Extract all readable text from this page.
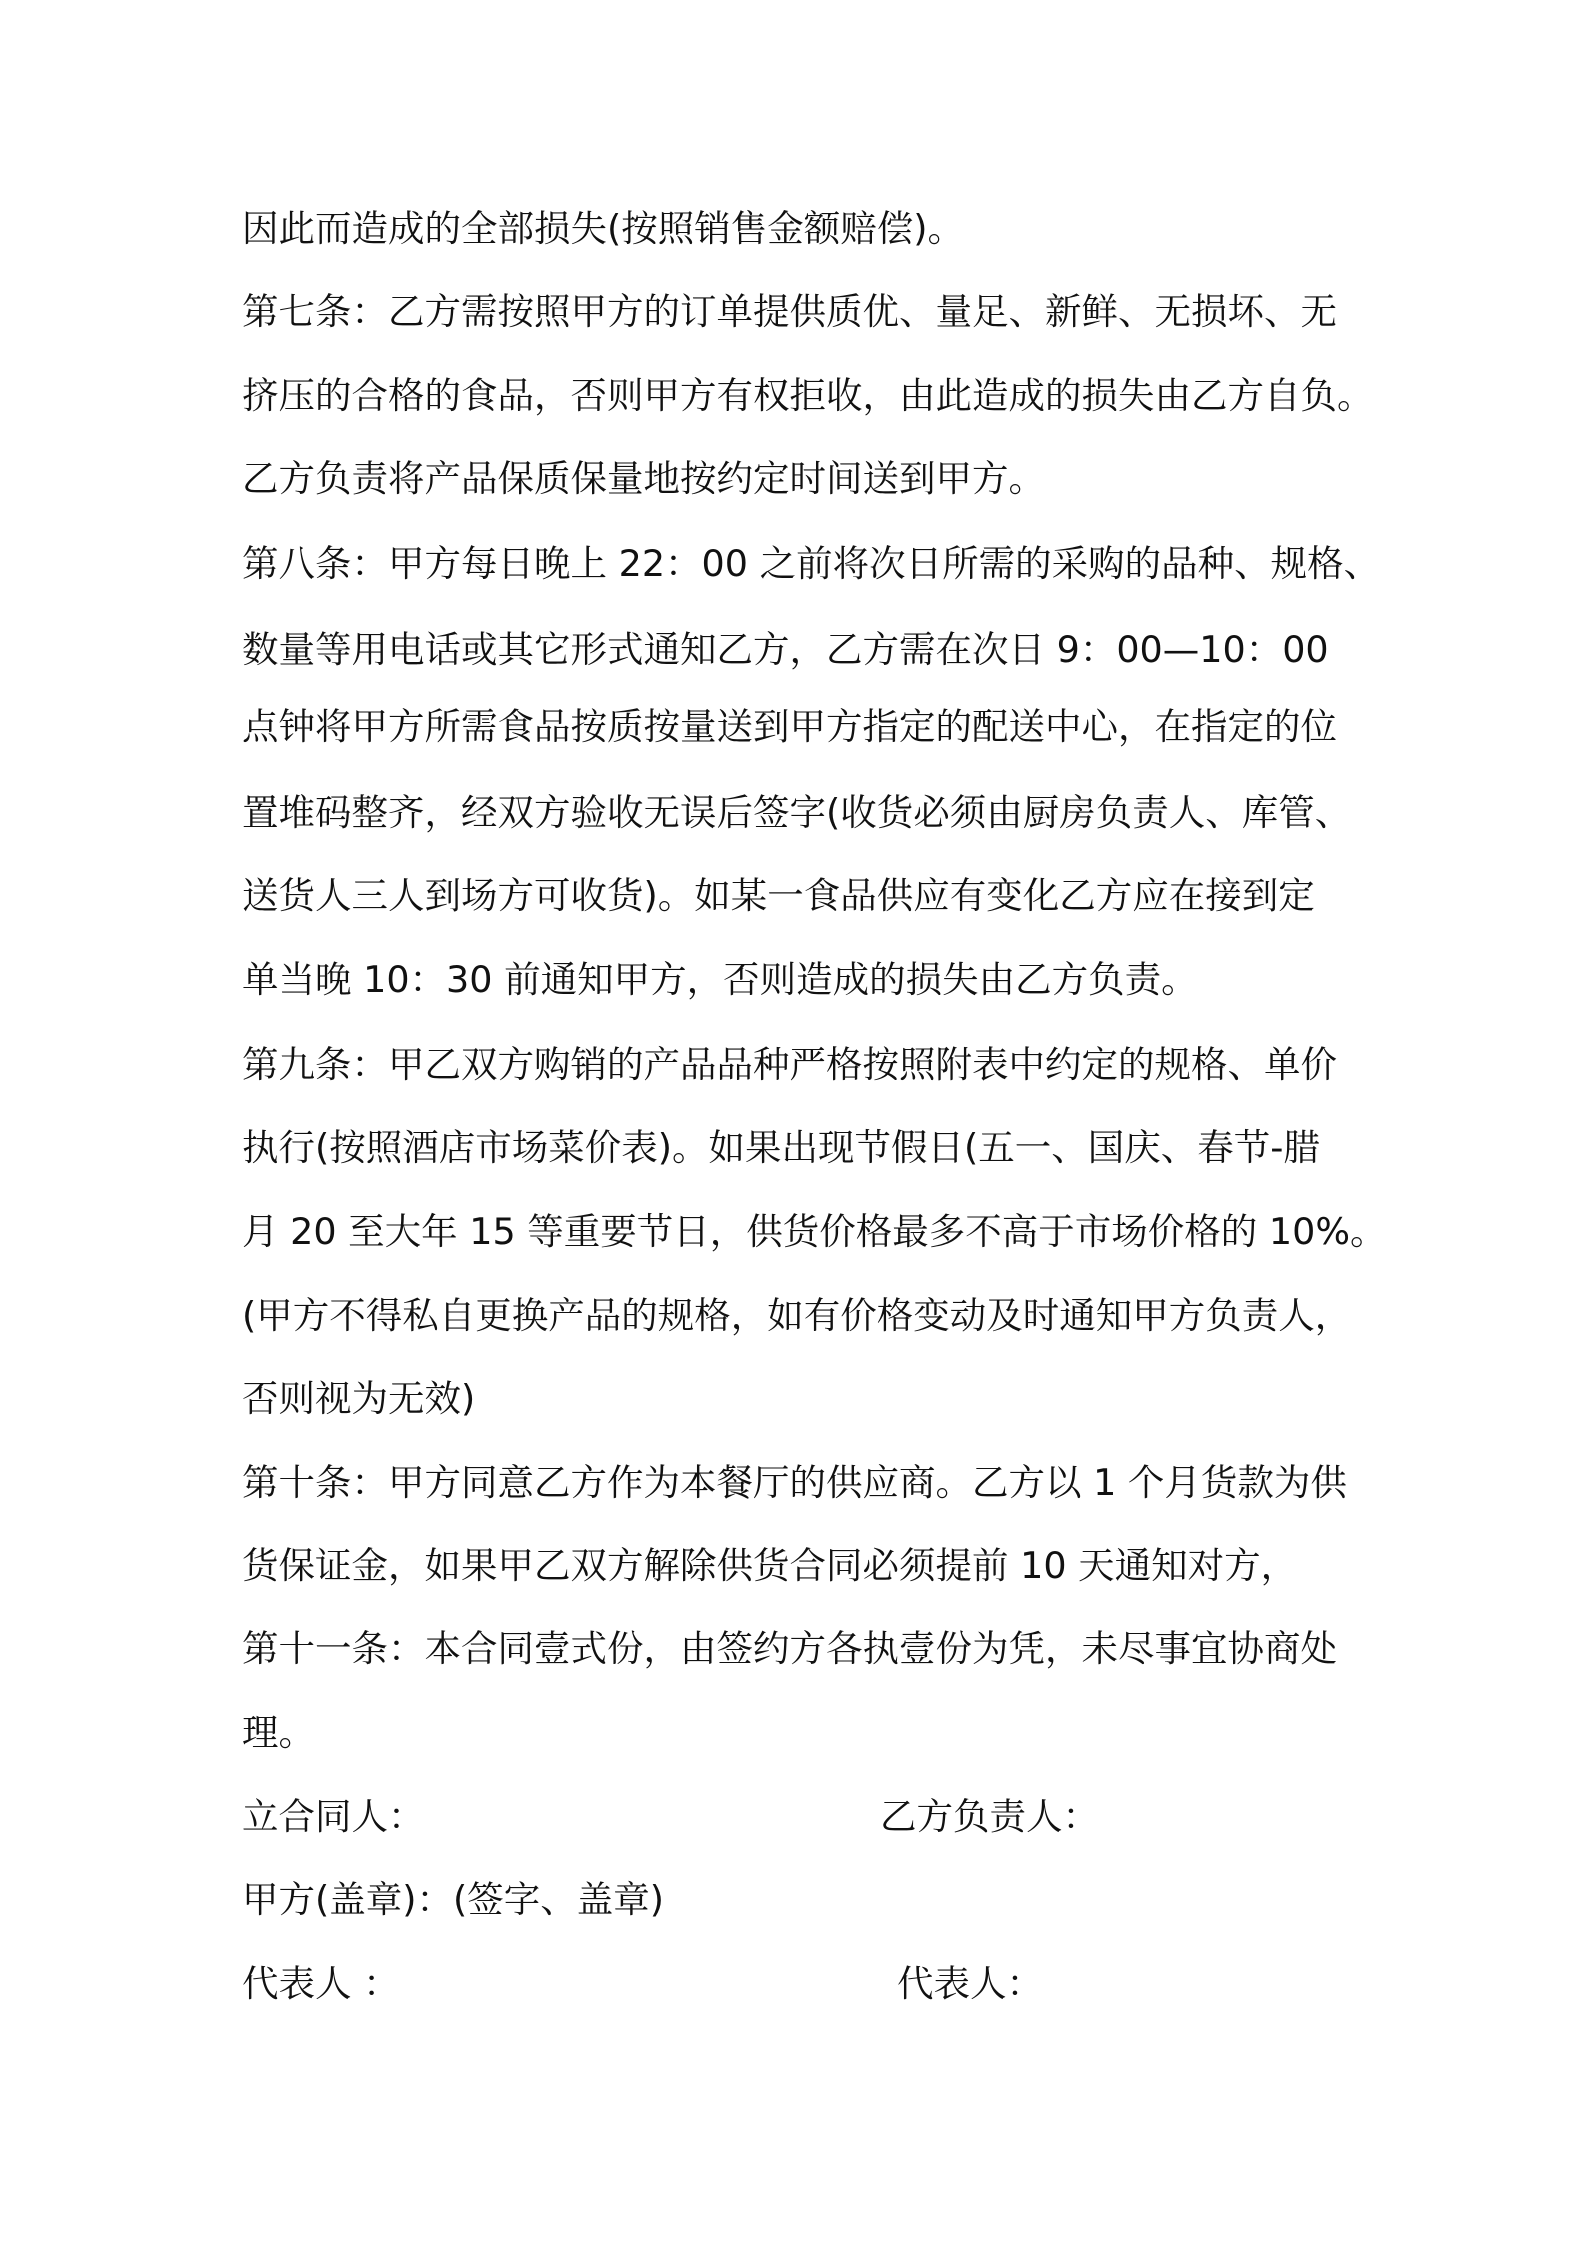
因此而造成的全部损失(按照销售金额赔偿)。
第七条：乙方需按照甲方的订单提供质优、量足、新鲜、无损坏、无
挤压的合格的食品，否则甲方有权拒收，由此造成的损失由乙方自负。
乙方负责将产品保质保量地按约定时间送到甲方。
第八条：甲方每日晚上 22：00 之前将次日所需的采购的品种、规格、
数量等用电话或其它形式通知乙方，乙方需在次日 9：00—10：00
点钟将甲方所需食品按质按量送到甲方指定的配送中心，在指定的位
置堆码整齐，经双方验收无误后签字(收货必须由厨房负责人、库管、
送货人三人到场方可收货)。如某一食品供应有变化乙方应在接到定
单当晚 10：30 前通知甲方，否则造成的损失由乙方负责。
第九条：甲乙双方购销的产品品种严格按照附表中约定的规格、单价
执行(按照酒店市场菜价表)。如果出现节假日(五一、国庆、春节-腊
月 20 至大年 15 等重要节日，供货价格最多不高于市场价格的 10%。
(甲方不得私自更换产品的规格，如有价格变动及时通知甲方负责人，
否则视为无效)
第十条：甲方同意乙方作为本餐厅的供应商。乙方以 1 个月货款为供
货保证金，如果甲乙双方解除供货合同必须提前 10 天通知对方，
第十一条：本合同壹式份，由签约方各执壹份为凭，未尽事宜协商处
理。
立合同人：	乙方负责人：
甲方(盖章)：(签字、盖章)
代表人 ：	代表人：
